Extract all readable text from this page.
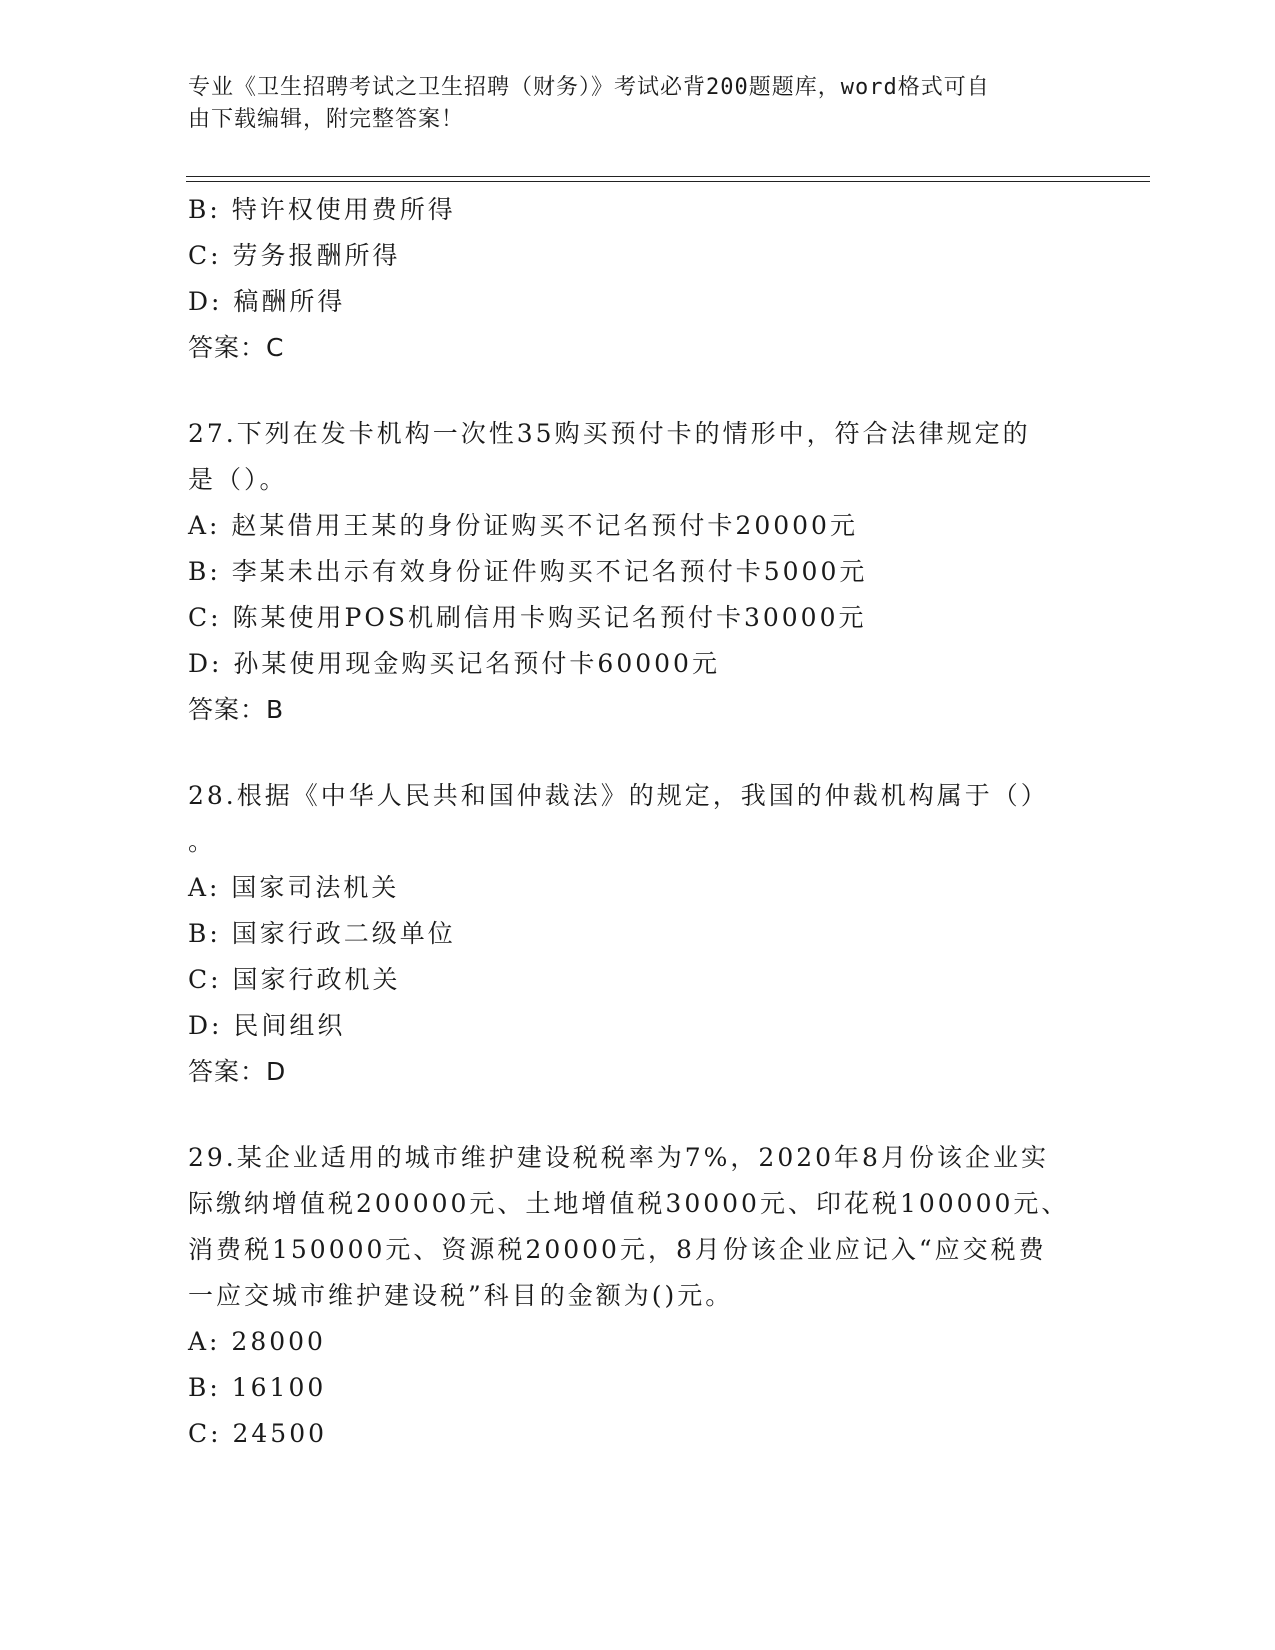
专业《卫生招聘考试之卫生招聘（财务）》考试必背200题题库，word格式可自
由下载编辑，附完整答案！
B: 特许权使用费所得
C: 劳务报酬所得
D: 稿酬所得
答案：C
27.下列在发卡机构一次性35购买预付卡的情形中，符合法律规定的
是（）。
A: 赵某借用王某的身份证购买不记名预付卡20000元
B: 李某未出示有效身份证件购买不记名预付卡5000元
C: 陈某使用POS机刷信用卡购买记名预付卡30000元
D: 孙某使用现金购买记名预付卡60000元
答案：B
28.根据《中华人民共和国仲裁法》的规定，我国的仲裁机构属于（）
。
A: 国家司法机关
B: 国家行政二级单位
C: 国家行政机关
D: 民间组织
答案：D
29.某企业适用的城市维护建设税税率为7%，2020年8月份该企业实
际缴纳增值税200000元、土地增值税30000元、印花税100000元、
消费税150000元、资源税20000元，8月份该企业应记入“应交税费
一应交城市维护建设税”科目的金额为()元。
A: 28000
B: 16100
C: 24500
